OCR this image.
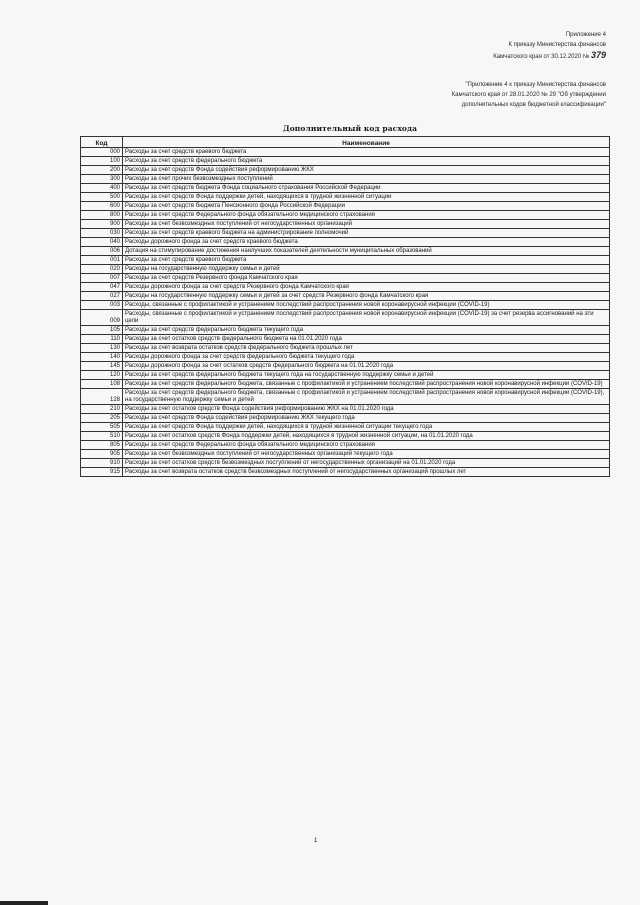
Приложение 4
К приказу Министерства финансов
Камчатского края от 30.12.2020 № 379
"Приложение 4 к приказу Министерства финансов
Камчатского края от 28.01.2020 № 29 "Об утверждении
дополнительных кодов бюджетной классификации"
Дополнительный код расхода
Код	Наименование
000	Расходы за счет средств краевого бюджета
100	Расходы за счет средств федерального бюджета
200	Расходы за счет средств Фонда содействия реформированию ЖКХ
300	Расходы за счет прочих безвозмездных поступлений
400	Расходы за счет средств бюджета Фонда социального страхования Российской Федерации
500	Расходы за счет средств Фонда поддержки детей, находящихся в трудной жизненной ситуации
600	Расходы за счет средств бюджета Пенсионного фонда Российской Федерации
800	Расходы за счет средств Федерального фонда обязательного медицинского страхования
900	Расходы за счет безвозмездных поступлений от негосударственных организаций
030	Расходы за счет средств краевого бюджета на администрирование полномочий
040	Расходы дорожного фонда за счет средств краевого бюджета
006	Дотация на стимулирование достижения наилучших показателей деятельности муниципальных образований
001	Расходы за счет средств краевого бюджета
020	Расходы на государственную поддержку семьи и детей
007	Расходы за счет средств Резервного фонда Камчатского края
047	Расходы дорожного фонда за счет средств Резервного фонда Камчатского края
027	Расходы на государственную поддержку семьи и детей за счет средств Резервного фонда Камчатского края
003	Расходы, связанные с профилактикой и устранением последствий распространения новой коронавирусной инфекции (COVID-19)
009	Расходы, связанные с профилактикой и устранением последствий распространения новой коронавирусной инфекции (COVID-19) за счет резерва ассигнований на эти цели
105	Расходы за счет средств федерального бюджета текущего года
110	Расходы за счет остатков средств федерального бюджета на 01.01.2020 года
130	Расходы за счет возврата остатков средств федерального бюджета прошлых лет
140	Расходы дорожного фонда за счет средств федерального бюджета текущего года
145	Расходы дорожного фонда за счет остатков средств федерального бюджета на 01.01.2020 года
120	Расходы за счет средств федерального бюджета текущего года на государственную поддержку семьи и детей
108	Расходы за счет средств федерального бюджета, связанные с профилактикой и устранением последствий распространения новой коронавирусной инфекции (COVID-19)
128	Расходы за счет средств федерального бюджета, связанные с профилактикой и устранением последствий распространения новой коронавирусной инфекции (COVID-19), на государственную поддержку семьи и детей
210	Расходы за счет остатков средств Фонда содействия реформированию ЖКХ на 01.01.2020 года
205	Расходы за счет средств Фонда содействия реформированию ЖКХ текущего года
505	Расходы за счет средств Фонда поддержки детей, находящихся в трудной жизненной ситуации текущего года
510	Расходы за счет остатков средств Фонда поддержки детей, находящихся в трудной жизненной ситуации, на 01.01.2020 года
805	Расходы за счет средств Федерального фонда обязательного медицинского страхования
905	Расходы за счет безвозмездных поступлений от негосударственных организаций текущего года
910	Расходы за счет остатков средств безвозмездных поступлений от негосударственных организаций на 01.01.2020 года
915	Расходы за счет возврата остатков средств безвозмездных поступлений от негосударственных организаций прошлых лет
1
